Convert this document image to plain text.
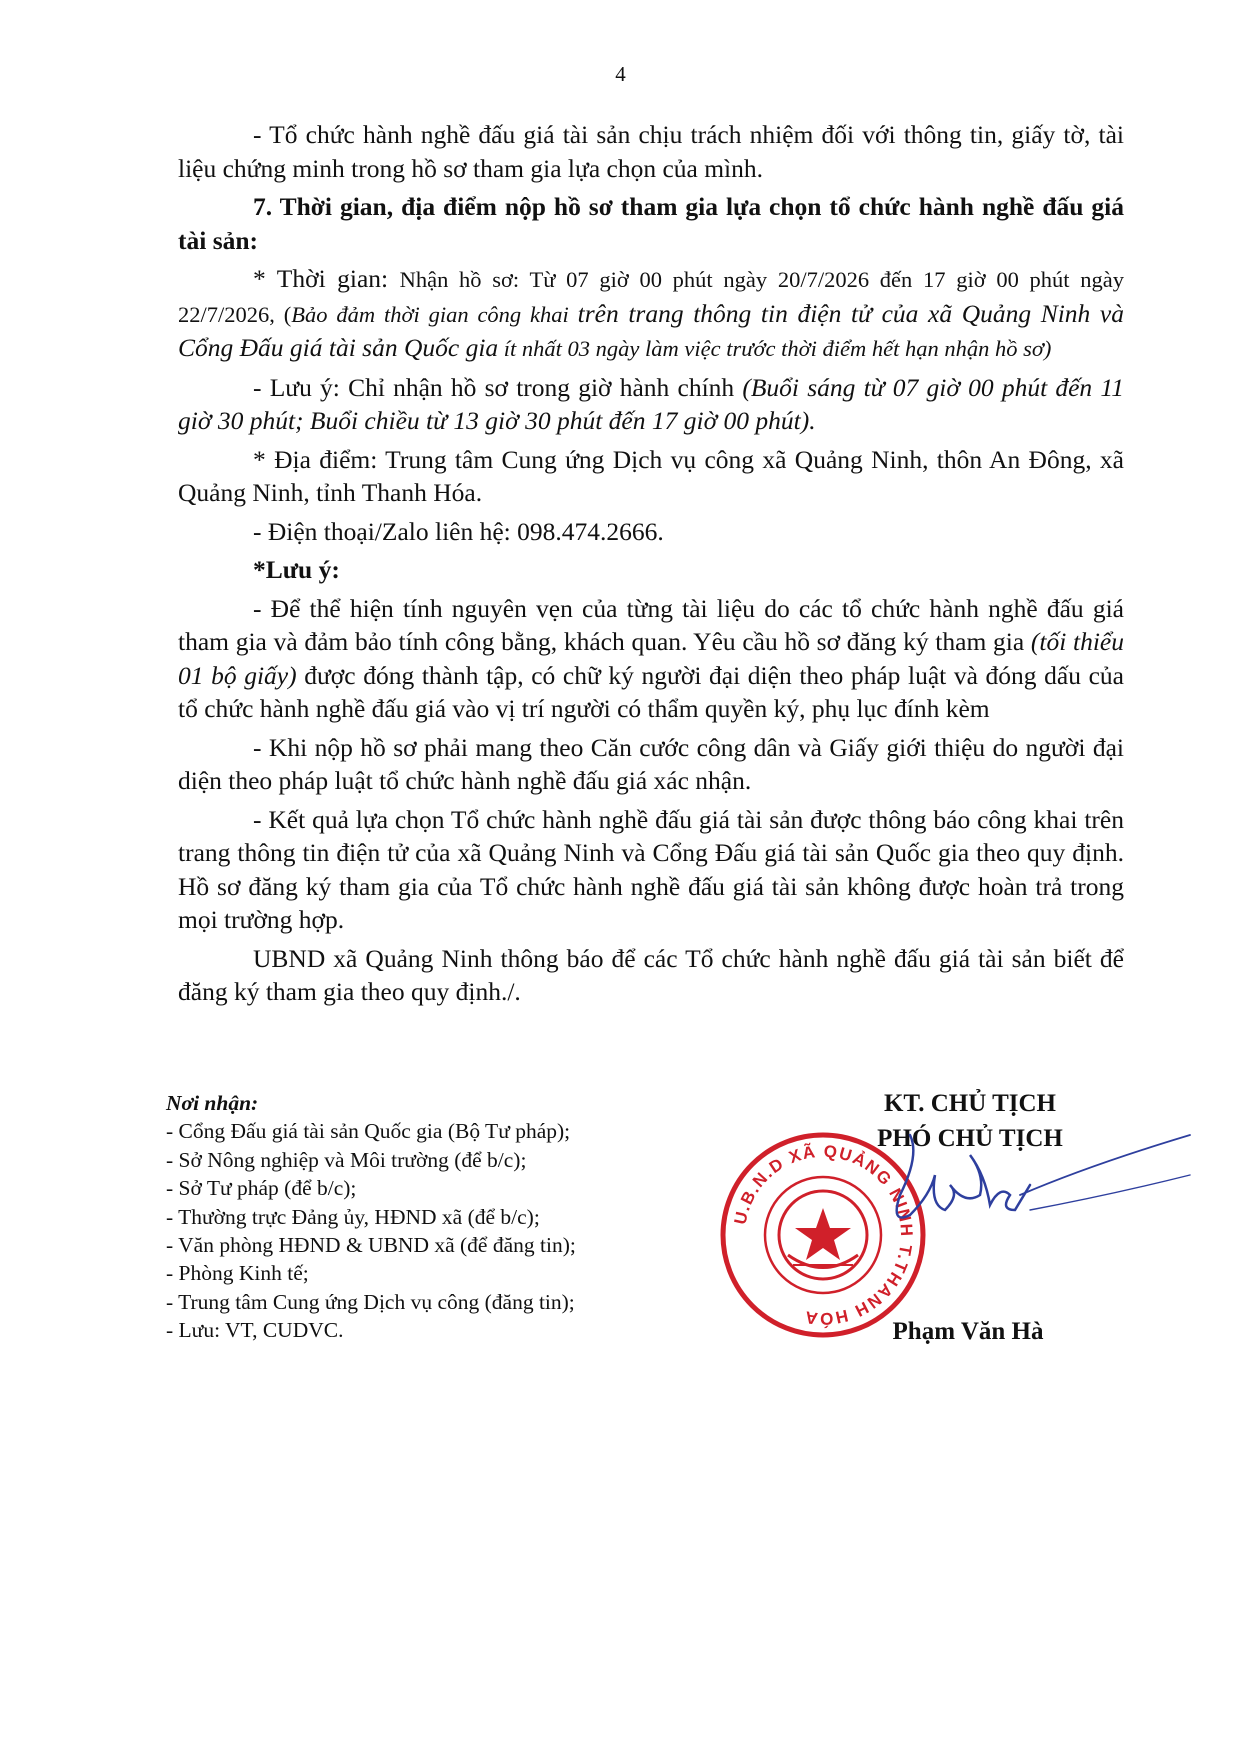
4

- Tổ chức hành nghề đấu giá tài sản chịu trách nhiệm đối với thông tin, giấy tờ, tài liệu chứng minh trong hồ sơ tham gia lựa chọn của mình.

7. Thời gian, địa điểm nộp hồ sơ tham gia lựa chọn tổ chức hành nghề đấu giá tài sản:

* Thời gian: Nhận hồ sơ: Từ 07 giờ 00 phút ngày 20/7/2026 đến 17 giờ 00 phút ngày 22/7/2026, (Bảo đảm thời gian công khai trên trang thông tin điện tử của xã Quảng Ninh và Cổng Đấu giá tài sản Quốc gia ít nhất 03 ngày làm việc trước thời điểm hết hạn nhận hồ sơ)

- Lưu ý: Chỉ nhận hồ sơ trong giờ hành chính (Buổi sáng từ 07 giờ 00 phút đến 11 giờ 30 phút; Buổi chiều từ 13 giờ 30 phút đến 17 giờ 00 phút).

* Địa điểm: Trung tâm Cung ứng Dịch vụ công xã Quảng Ninh, thôn An Đông, xã Quảng Ninh, tỉnh Thanh Hóa.

- Điện thoại/Zalo liên hệ: 098.474.2666.

*Lưu ý:

- Để thể hiện tính nguyên vẹn của từng tài liệu do các tổ chức hành nghề đấu giá tham gia và đảm bảo tính công bằng, khách quan. Yêu cầu hồ sơ đăng ký tham gia (tối thiểu 01 bộ giấy) được đóng thành tập, có chữ ký người đại diện theo pháp luật và đóng dấu của tổ chức hành nghề đấu giá vào vị trí người có thẩm quyền ký, phụ lục đính kèm

- Khi nộp hồ sơ phải mang theo Căn cước công dân và Giấy giới thiệu do người đại diện theo pháp luật tổ chức hành nghề đấu giá xác nhận.

- Kết quả lựa chọn Tổ chức hành nghề đấu giá tài sản được thông báo công khai trên trang thông tin điện tử của xã Quảng Ninh và Cổng Đấu giá tài sản Quốc gia theo quy định. Hồ sơ đăng ký tham gia của Tổ chức hành nghề đấu giá tài sản không được hoàn trả trong mọi trường hợp.

UBND xã Quảng Ninh thông báo để các Tổ chức hành nghề đấu giá tài sản biết để đăng ký tham gia theo quy định./.

Nơi nhận:
- Cổng Đấu giá tài sản Quốc gia (Bộ Tư pháp);
- Sở Nông nghiệp và Môi trường (để b/c);
- Sở Tư pháp (để b/c);
- Thường trực Đảng ủy, HĐND xã (để b/c);
- Văn phòng HĐND & UBND xã (để đăng tin);
- Phòng Kinh tế;
- Trung tâm Cung ứng Dịch vụ công (đăng tin);
- Lưu: VT, CUDVC.
KT. CHỦ TỊCH
PHÓ CHỦ TỊCH
U.B.N.D XÃ QUẢNG NINH T.THANH HÓA
Phạm Văn Hà
